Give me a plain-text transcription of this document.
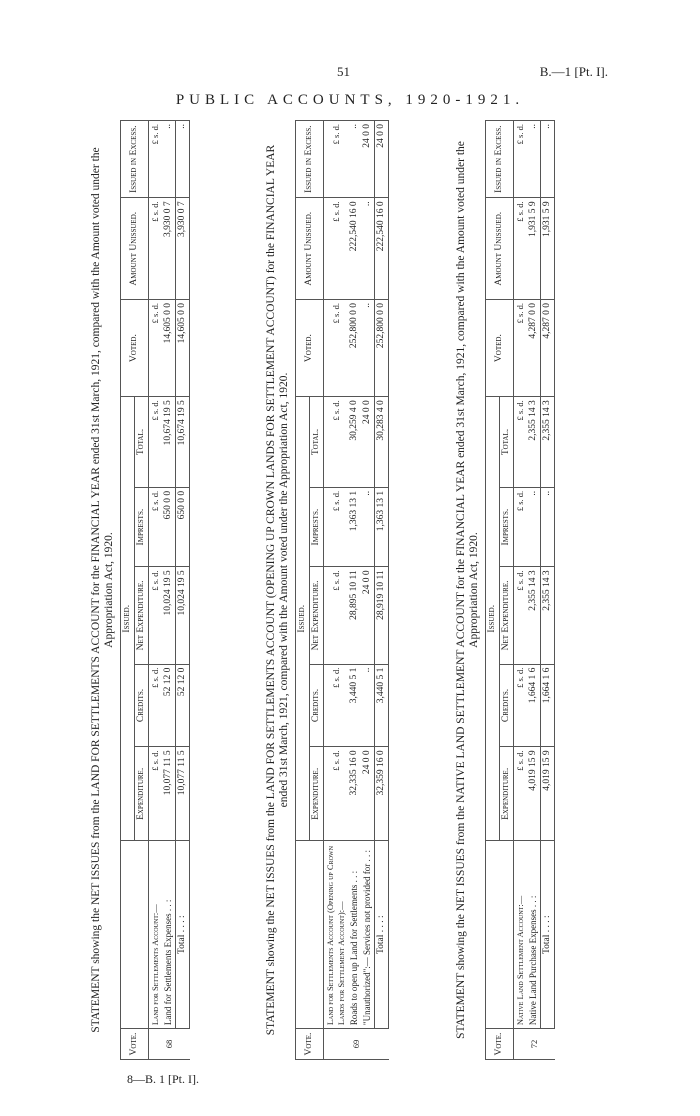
51	B.—1 [Pt. I].
PUBLIC ACCOUNTS, 1920-1921.
8—B. 1 [Pt. I].
STATEMENT showing the NET ISSUES from the LAND FOR SETTLEMENTS ACCOUNT for the FINANCIAL YEAR ended 31st March, 1921, compared with the Amount voted under the Appropriation Act, 1920.
Vote.		Issued.					Voted.	Amount Unissued.	Issued in Excess.
		Expenditure.	Credits.	Net Expenditure.	Imprests.	Total.			
68	Land for Settlements Account:—	£ s. d.	£ s. d.	£ s. d.	£ s. d.	£ s. d.	£ s. d.	£ s. d.	£ s. d.
	Land for Settlements Expenses . . :	10,077 11 5	52 12 0	10,024 19 5	650 0 0	10,674 19 5	14,605 0 0	3,930 0 7	..
	Total . . . :	10,077 11 5	52 12 0	10,024 19 5	650 0 0	10,674 19 5	14,605 0 0	3,930 0 7	..
STATEMENT showing the NET ISSUES from the LAND FOR SETTLEMENTS ACCOUNT (OPENING UP CROWN LANDS FOR SETTLEMENT ACCOUNT) for the FINANCIAL YEAR ended 31st March, 1921, compared with the Amount voted under the Appropriation Act, 1920.
Vote.		Issued.					Voted.	Amount Unissued.	Issued in Excess.
		Expenditure.	Credits.	Net Expenditure.	Imprests.	Total.			
69	Land for Settlements Account (Opening up Crown Lands for Settlement Account):—	£ s. d.	£ s. d.	£ s. d.	£ s. d.	£ s. d.	£ s. d.	£ s. d.	£ s. d.
	Roads to open up Land for Settlements . . :	32,335 16 0	3,440 5 1	28,895 10 11	1,363 13 1	30,259 4 0	252,800 0 0	222,540 16 0	..
	"Unauthorized":— Services not provided for . . :	24 0 0	..	24 0 0	..	24 0 0	..	..	24 0 0
	Total . . . :	32,359 16 0	3,440 5 1	28,919 10 11	1,363 13 1	30,283 4 0	252,800 0 0	222,540 16 0	24 0 0
STATEMENT showing the NET ISSUES from the NATIVE LAND SETTLEMENT ACCOUNT for the FINANCIAL YEAR ended 31st March, 1921, compared with the Amount voted under the Appropriation Act, 1920.
Vote.		Issued.					Voted.	Amount Unissued.	Issued in Excess.
		Expenditure.	Credits.	Net Expenditure.	Imprests.	Total.			
72	Native Land Settlement Account:—	£ s. d.	£ s. d.	£ s. d.	£ s. d.	£ s. d.	£ s. d.	£ s. d.	£ s. d.
	Native Land Purchase Expenses . . :	4,019 15 9	1,664 1 6	2,355 14 3	..	2,355 14 3	4,287 0 0	1,931 5 9	..
	Total . . . :	4,019 15 9	1,664 1 6	2,355 14 3	..	2,355 14 3	4,287 0 0	1,931 5 9	..
